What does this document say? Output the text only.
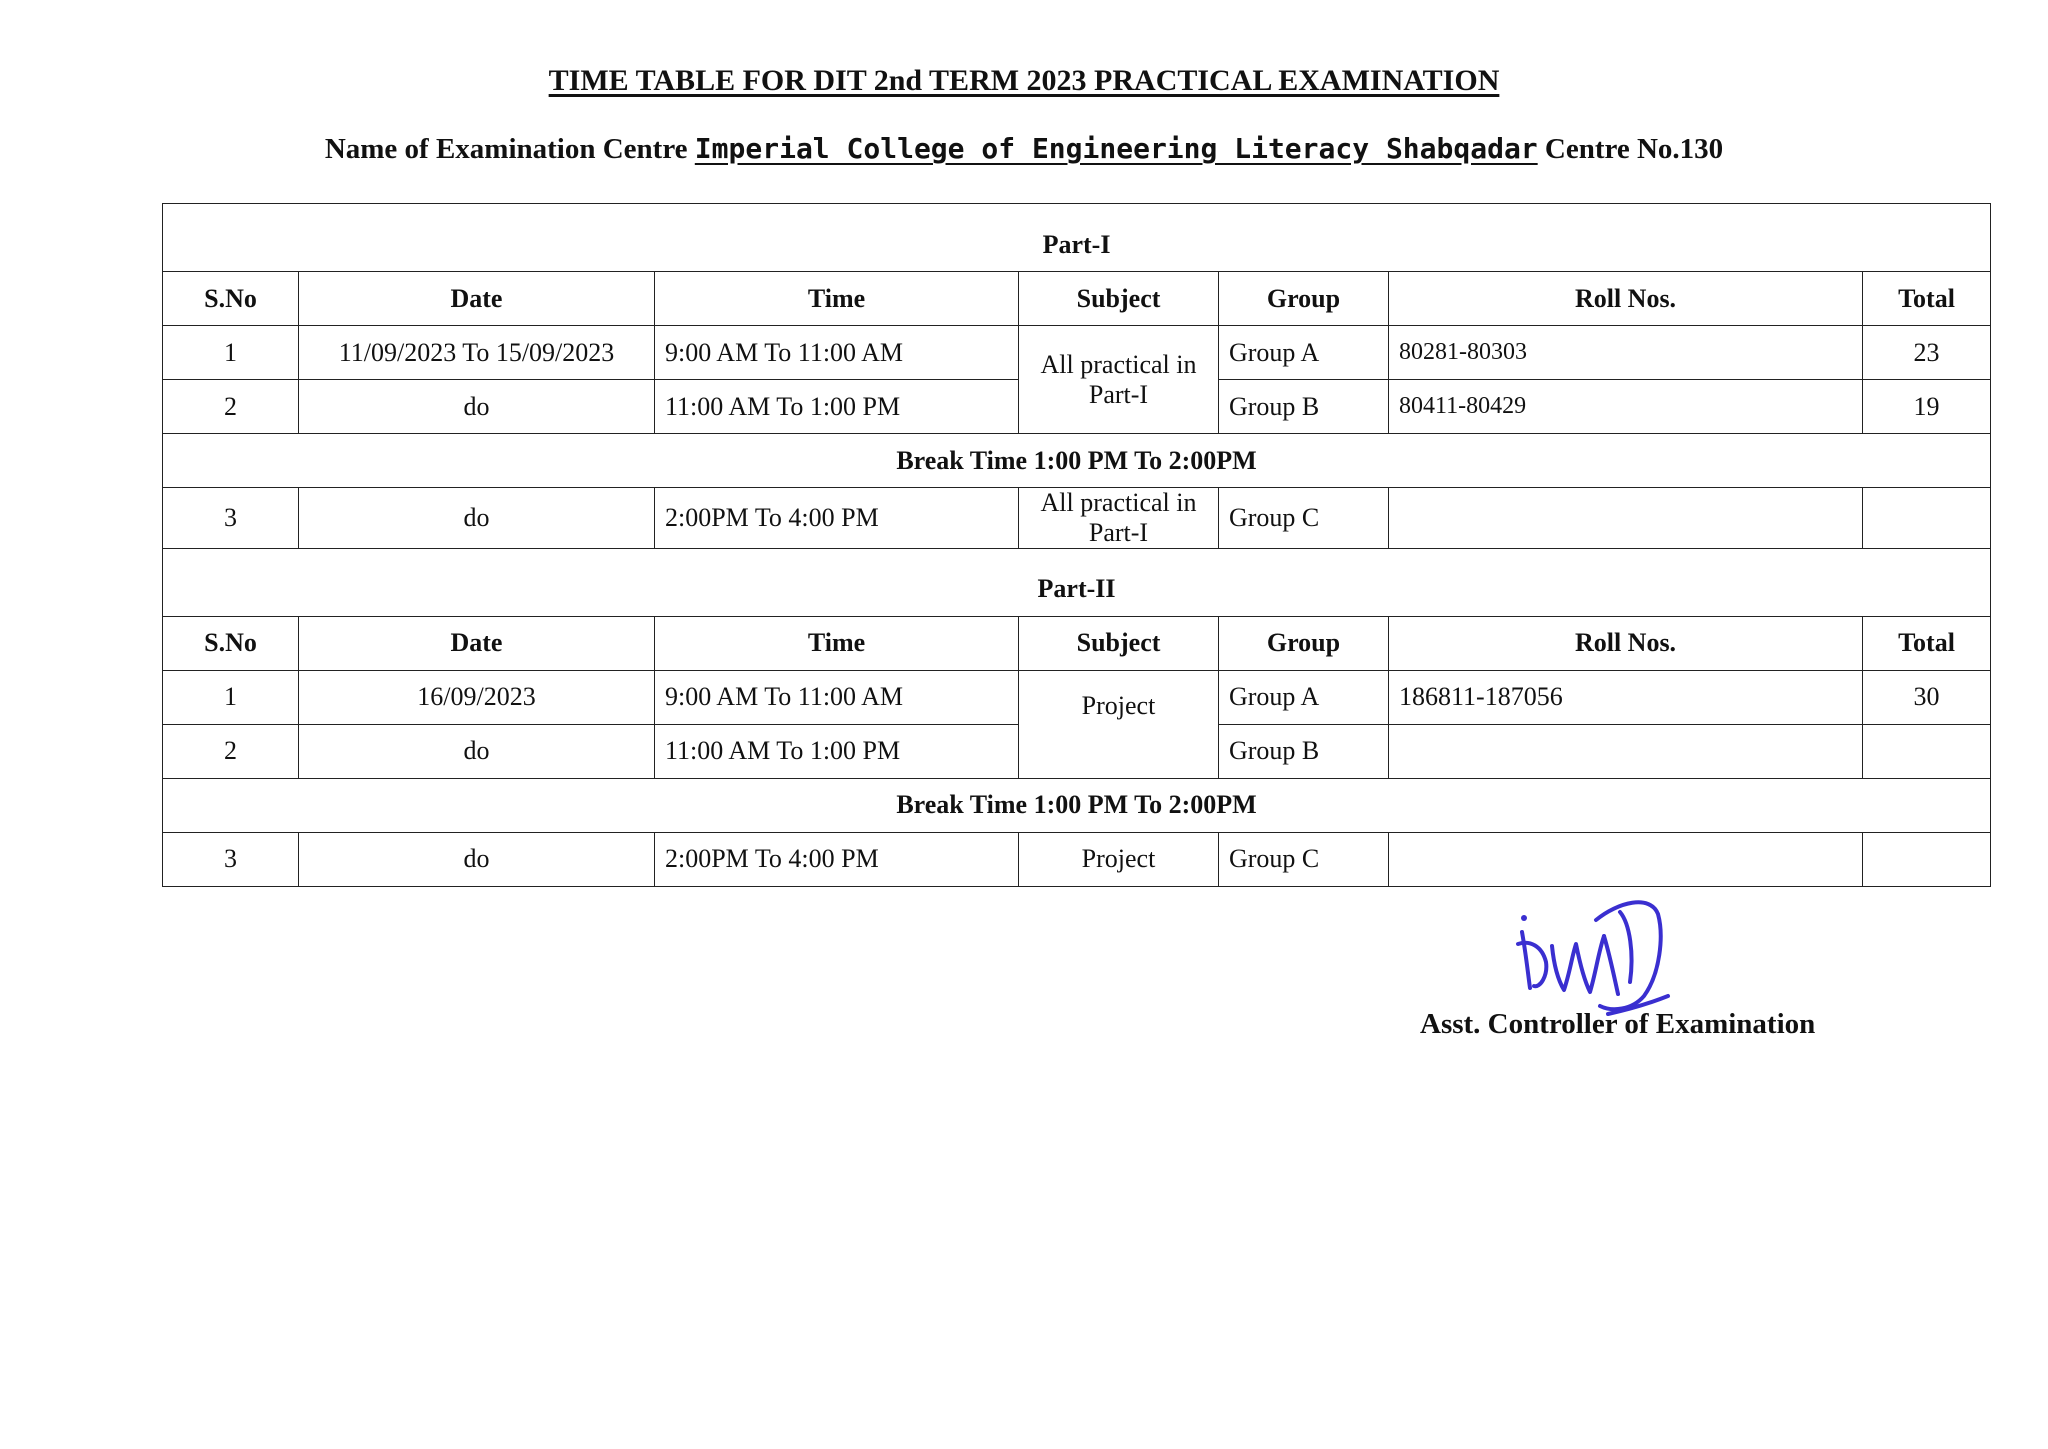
TIME TABLE FOR DIT 2nd TERM 2023 PRACTICAL EXAMINATION
Name of Examination Centre Imperial College of Engineering Literacy Shabqadar Centre No.130
Part-I						
S.No	Date	Time	Subject	Group	Roll Nos.	Total
1	11/09/2023 To 15/09/2023	9:00 AM To 11:00 AM	All practical in Part-I	Group A	80281-80303	23
2	do	11:00 AM To 1:00 PM		Group B	80411-80429	19
Break Time 1:00 PM To 2:00PM						
3	do	2:00PM To 4:00 PM	All practical in Part-I	Group C		
Part-II						
S.No	Date	Time	Subject	Group	Roll Nos.	Total
1	16/09/2023	9:00 AM To 11:00 AM	Project	Group A	186811-187056	30
2	do	11:00 AM To 1:00 PM		Group B		
Break Time 1:00 PM To 2:00PM						
3	do	2:00PM To 4:00 PM	Project	Group C		
Asst. Controller of Examination
